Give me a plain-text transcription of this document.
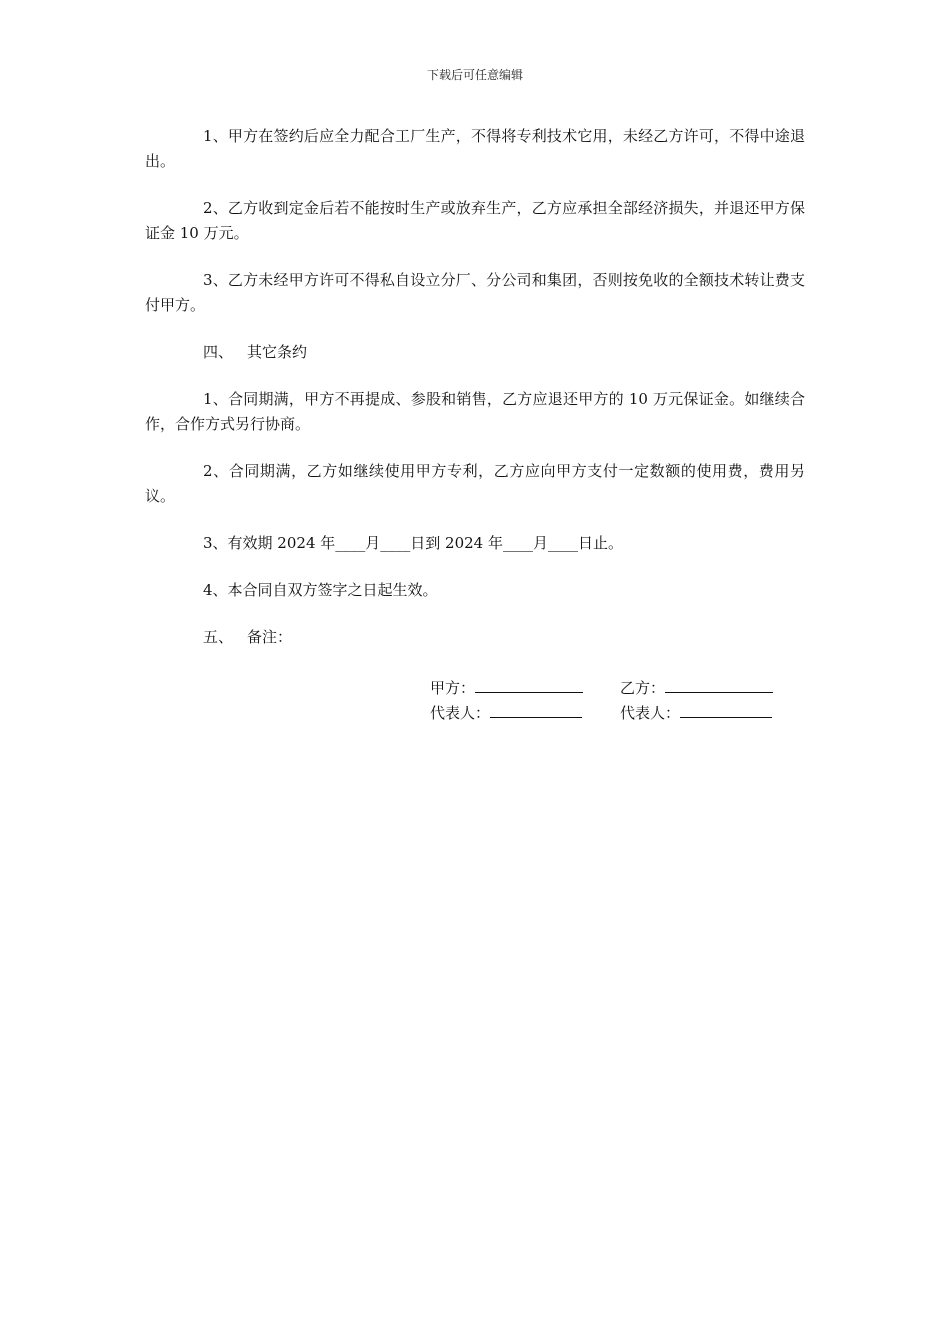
下载后可任意编辑

1、甲方在签约后应全力配合工厂生产，不得将专利技术它用，未经乙方许可，不得中途退出。

2、乙方收到定金后若不能按时生产或放弃生产，乙方应承担全部经济损失，并退还甲方保证金 10 万元。

3、乙方未经甲方许可不得私自设立分厂、分公司和集团，否则按免收的全额技术转让费支付甲方。

四、 其它条约

1、合同期满，甲方不再提成、参股和销售，乙方应退还甲方的 10 万元保证金。如继续合作，合作方式另行协商。

2、合同期满，乙方如继续使用甲方专利，乙方应向甲方支付一定数额的使用费，费用另议。

3、有效期 2024 年____月____日到 2024 年____月____日止。

4、本合同自双方签字之日起生效。

五、 备注：

甲方：	乙方：
代表人：	代表人：
